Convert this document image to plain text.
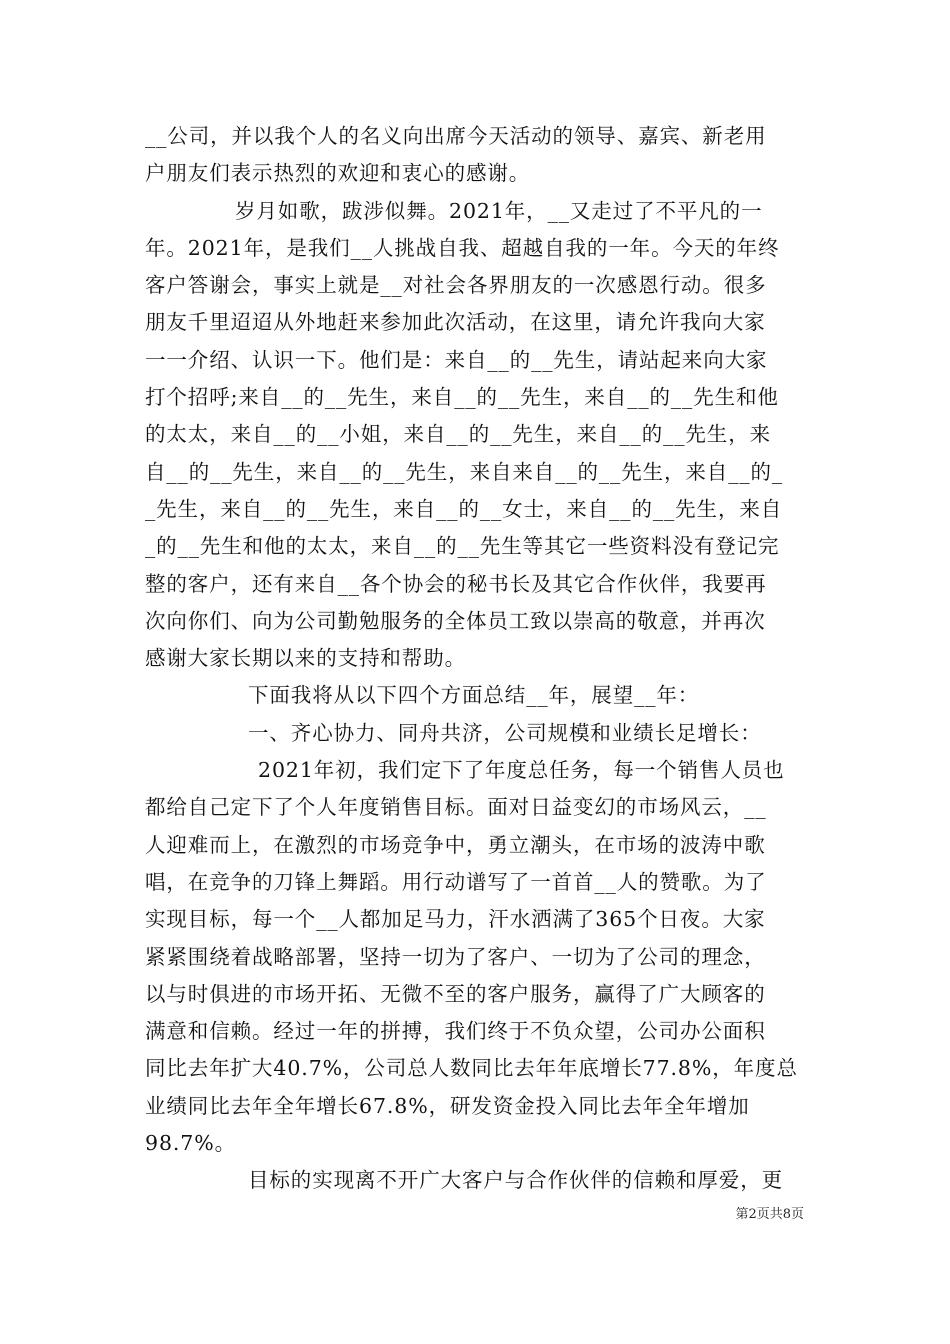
__公司，并以我个人的名义向出席今天活动的领导、嘉宾、新老用
户朋友们表示热烈的欢迎和衷心的感谢。
岁月如歌，跋涉似舞。2021年，__又走过了不平凡的一
年。2021年，是我们__人挑战自我、超越自我的一年。今天的年终
客户答谢会，事实上就是__对社会各界朋友的一次感恩行动。很多
朋友千里迢迢从外地赶来参加此次活动，在这里，请允许我向大家
一一介绍、认识一下。他们是：来自__的__先生，请站起来向大家
打个招呼;来自__的__先生，来自__的__先生，来自__的__先生和他
的太太，来自__的__小姐，来自__的__先生，来自__的__先生，来
自__的__先生，来自__的__先生，来自来自__的__先生，来自__的_
_先生，来自__的__先生，来自__的__女士，来自__的__先生，来自
_的__先生和他的太太，来自__的__先生等其它一些资料没有登记完
整的客户，还有来自__各个协会的秘书长及其它合作伙伴，我要再
次向你们、向为公司勤勉服务的全体员工致以崇高的敬意，并再次
感谢大家长期以来的支持和帮助。
下面我将从以下四个方面总结__年，展望__年：
一、齐心协力、同舟共济，公司规模和业绩长足增长：
2021年初，我们定下了年度总任务，每一个销售人员也
都给自己定下了个人年度销售目标。面对日益变幻的市场风云，__
人迎难而上，在激烈的市场竞争中，勇立潮头，在市场的波涛中歌
唱，在竞争的刀锋上舞蹈。用行动谱写了一首首__人的赞歌。为了
实现目标，每一个__人都加足马力，汗水洒满了365个日夜。大家
紧紧围绕着战略部署，坚持一切为了客户、一切为了公司的理念，
以与时俱进的市场开拓、无微不至的客户服务，赢得了广大顾客的
满意和信赖。经过一年的拼搏，我们终于不负众望，公司办公面积
同比去年扩大40.7%，公司总人数同比去年年底增长77.8%，年度总
业绩同比去年全年增长67.8%，研发资金投入同比去年全年增加
98.7%。
目标的实现离不开广大客户与合作伙伴的信赖和厚爱，更
第2页共8页
